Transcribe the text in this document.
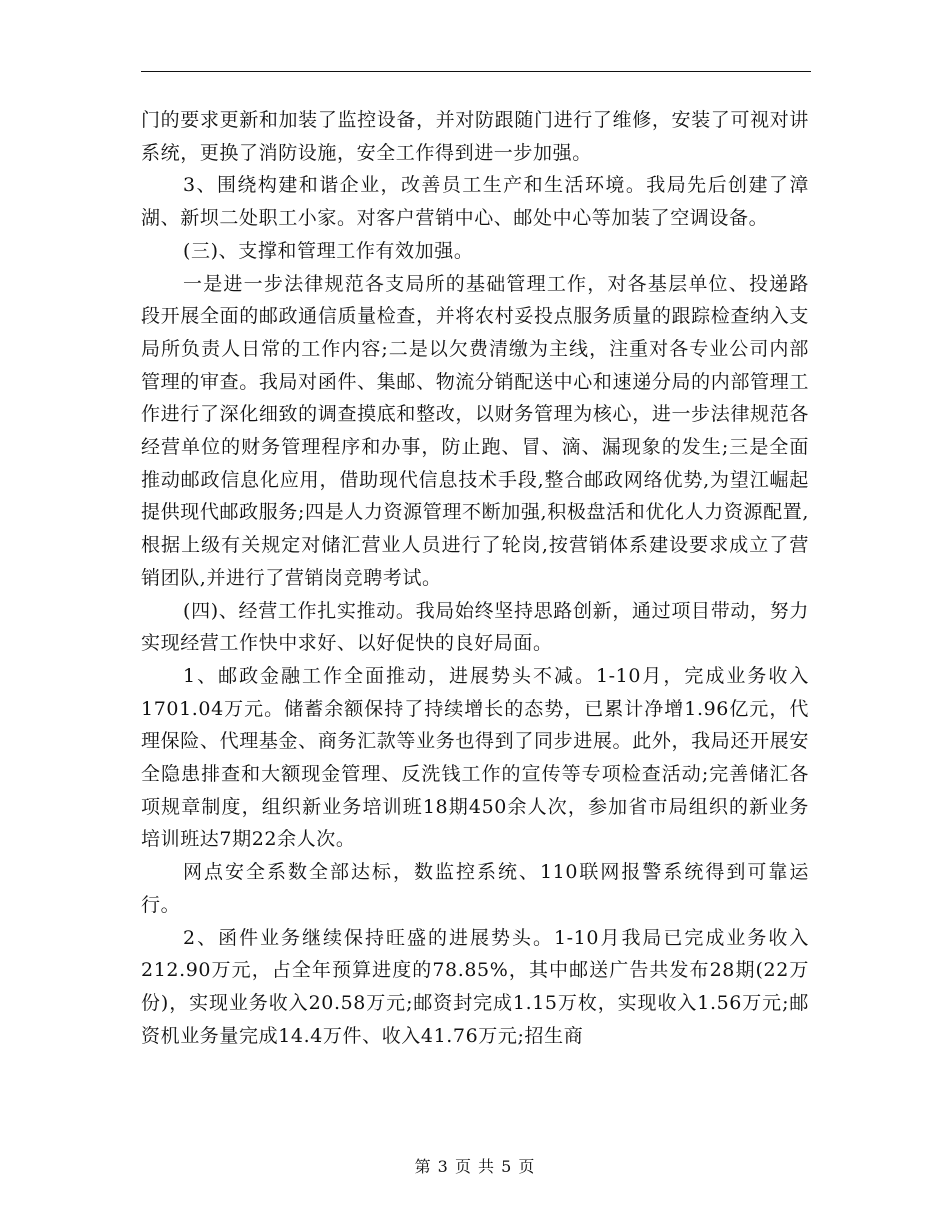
门的要求更新和加装了监控设备，并对防跟随门进行了维修，安装了可视对讲系统，更换了消防设施，安全工作得到进一步加强。

3、围绕构建和谐企业，改善员工生产和生活环境。我局先后创建了漳湖、新坝二处职工小家。对客户营销中心、邮处中心等加装了空调设备。

(三)、支撑和管理工作有效加强。

一是进一步法律规范各支局所的基础管理工作，对各基层单位、投递路段开展全面的邮政通信质量检查，并将农村妥投点服务质量的跟踪检查纳入支局所负责人日常的工作内容;二是以欠费清缴为主线，注重对各专业公司内部管理的审查。我局对函件、集邮、物流分销配送中心和速递分局的内部管理工作进行了深化细致的调查摸底和整改，以财务管理为核心，进一步法律规范各经营单位的财务管理程序和办事，防止跑、冒、滴、漏现象的发生;三是全面推动邮政信息化应用，借助现代信息技术手段,整合邮政网络优势,为望江崛起提供现代邮政服务;四是人力资源管理不断加强,积极盘活和优化人力资源配置,根据上级有关规定对储汇营业人员进行了轮岗,按营销体系建设要求成立了营销团队,并进行了营销岗竞聘考试。

(四)、经营工作扎实推动。我局始终坚持思路创新，通过项目带动，努力实现经营工作快中求好、以好促快的良好局面。

1、邮政金融工作全面推动，进展势头不减。1-10月，完成业务收入1701.04万元。储蓄余额保持了持续增长的态势，已累计净增1.96亿元，代理保险、代理基金、商务汇款等业务也得到了同步进展。此外，我局还开展安全隐患排查和大额现金管理、反洗钱工作的宣传等专项检查活动;完善储汇各项规章制度，组织新业务培训班18期450余人次，参加省市局组织的新业务培训班达7期22余人次。

网点安全系数全部达标，数监控系统、110联网报警系统得到可靠运行。

2、函件业务继续保持旺盛的进展势头。1-10月我局已完成业务收入212.90万元，占全年预算进度的78.85%，其中邮送广告共发布28期(22万份)，实现业务收入20.58万元;邮资封完成1.15万枚，实现收入1.56万元;邮资机业务量完成14.4万件、收入41.76万元;招生商

第 3 页 共 5 页
